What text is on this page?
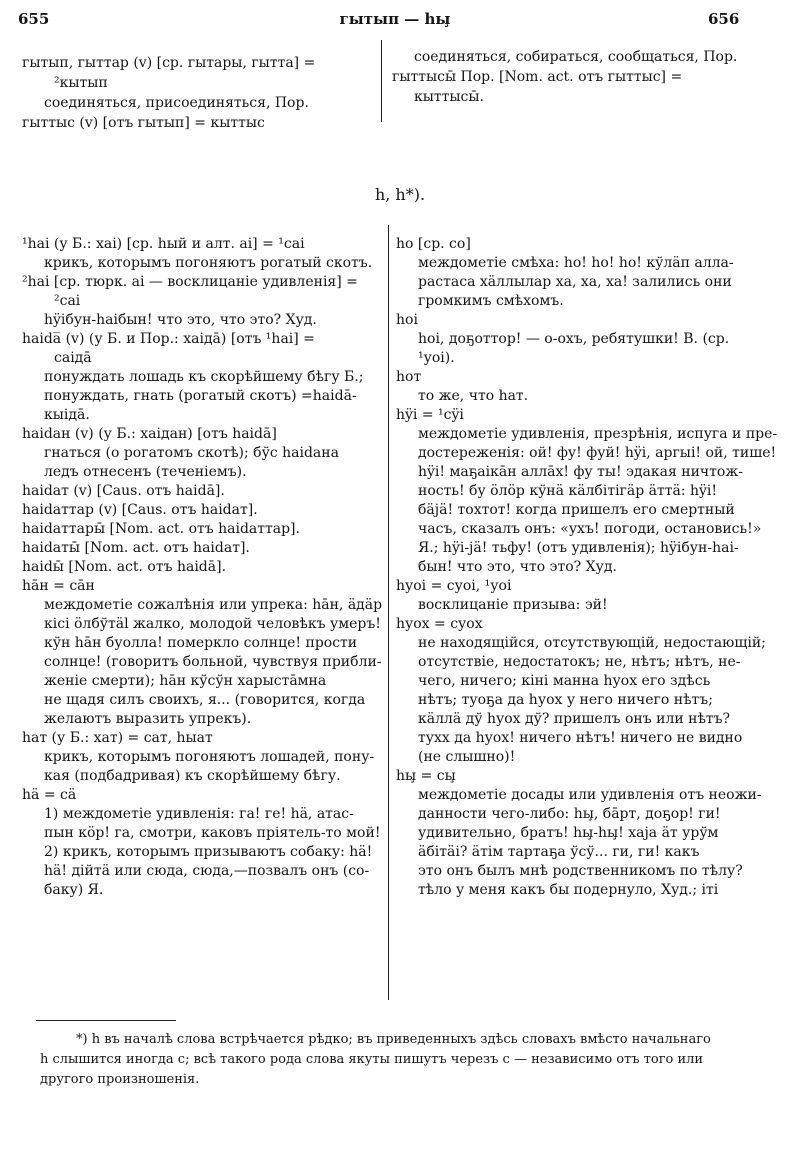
655	гытып — hы̧	656
гытып, гыттар (v) [ср. гытары, гытта] =
²кытып
соединяться, присоединяться, Пор.
гыттыс (v) [отъ гытып] = кыттыс
соединяться, собираться, сообщаться, Пор.
гыттысы̄ Пор. [Nom. act. отъ гыттыс] =
кыттысы̄.
h, h*).
¹hai (у Б.: хаі) [ср. hый и алт. ai] = ¹саі
крикъ, которымъ погоняютъ рогатый скотъ.
²hai [ср. тюрк. ai — восклицаніе удивленія] =
²саі
hÿібун-haiбын! что это, что это? Худ.
haida̅ (v) (у Б. и Пор.: хаідā) [отъ ¹hai] =
саідā
понуждать лошадь къ скорѣйшему бѣгу Б.;
понуждать, гнать (рогатый скотъ) =haidā-
кыідā.
haidaн (v) (у Б.: хаідан) [отъ haidā]
гнаться (о рогатомъ скотѣ); бўс haidaна
ледъ отнесенъ (теченіемъ).
haidaт (v) [Caus. отъ haidā].
haidaттар (v) [Caus. отъ haidaт].
haidaттары̄ [Nom. act. отъ haidaттар].
haidaты̄ [Nom. act. отъ haidaт].
haidы̄ [Nom. act. отъ haidā].
hāн = сāн
междометіе сожалѣнія или упрека: hāн, äдäр
кісі öлбўтäl жалко, молодой человѣкъ умеръ!
кўн hāн буолла! померкло солнце! прости
солнце! (говоритъ больной, чувствуя прибли-
женіе смерти); hāн кўсўн харыстāмна
не щадя силъ своихъ, я... (говорится, когда
желаютъ выразить упрекъ).
hат (у Б.: хат) = сат, hыат
крикъ, которымъ погоняютъ лошадей, пону-
кая (подбадривая) къ скорѣйшему бѣгу.
hä = сä
1) междометіе удивленія: га! ге! hä, атас-
пын кöр! га, смотри, каковъ пріятель-то мой!
2) крикъ, которымъ призываютъ собаку: hä!
hä! дійтä или сюда, сюда,—позвалъ онъ (со-
баку) Я.
ho [ср. co]
междометіе смѣха: ho! ho! ho! кўлäп алла-
растаса хäллылар ха, ха, ха! залились они
громкимъ смѣхомъ.
hoi
hoi, доҕоттор! — о-охъ, ребятушки! В. (ср.
¹уоі).
hoт
то же, что hат.
hÿі = ¹сÿі
междометіе удивленія, презрѣнія, испуга и пре-
достереженія: ой! фу! фуй! hÿі, аргыі! ой, тише!
hÿі! маҕаікāн аллāх! фу ты! эдакая ничтож-
ность! бу öлöр кўнä кäлбітігäр äттä: hÿі!
бäjä! тохтот! когда пришелъ его смертный
часъ, сказалъ онъ: «ухъ! погоди, остановись!»
Я.; hÿі-jä! тьфу! (отъ удивленія); hÿібун-hai-
бын! что это, что это? Худ.
hуоі = суоі, ¹уоі
восклицаніе призыва: эй!
hуох = суох
не находящійся, отсутствующій, недостающій;
отсутствіе, недостатокъ; не, нѣтъ; нѣтъ, не-
чего, ничего; кіні манна hуох его здѣсь
нѣтъ; туоҕа да hуох у него ничего нѣтъ;
кäллä дў hуох дў? пришелъ онъ или нѣтъ?
тухх да hуох! ничего нѣтъ! ничего не видно
(не слышно)!
hы̧ = сы̧
междометіе досады или удивленія отъ неожи-
данности чего-либо: hы̧, бāрт, доҕор! ги!
удивительно, братъ! hы̧-hы̧! хаjа äт урўм
äбітäi? äтім тартаҕа ўсў... ги, ги! какъ
это онъ былъ мнѣ родственникомъ по тѣлу?
тѣло у меня какъ бы подернуло, Худ.; іті
*) h въ началѣ слова встрѣчается рѣдко; въ приведенныхъ здѣсь словахъ вмѣсто начальнаго
h слышится иногда с; всѣ такого рода слова якуты пишутъ черезъ с — независимо отъ того или
другого произношенія.
